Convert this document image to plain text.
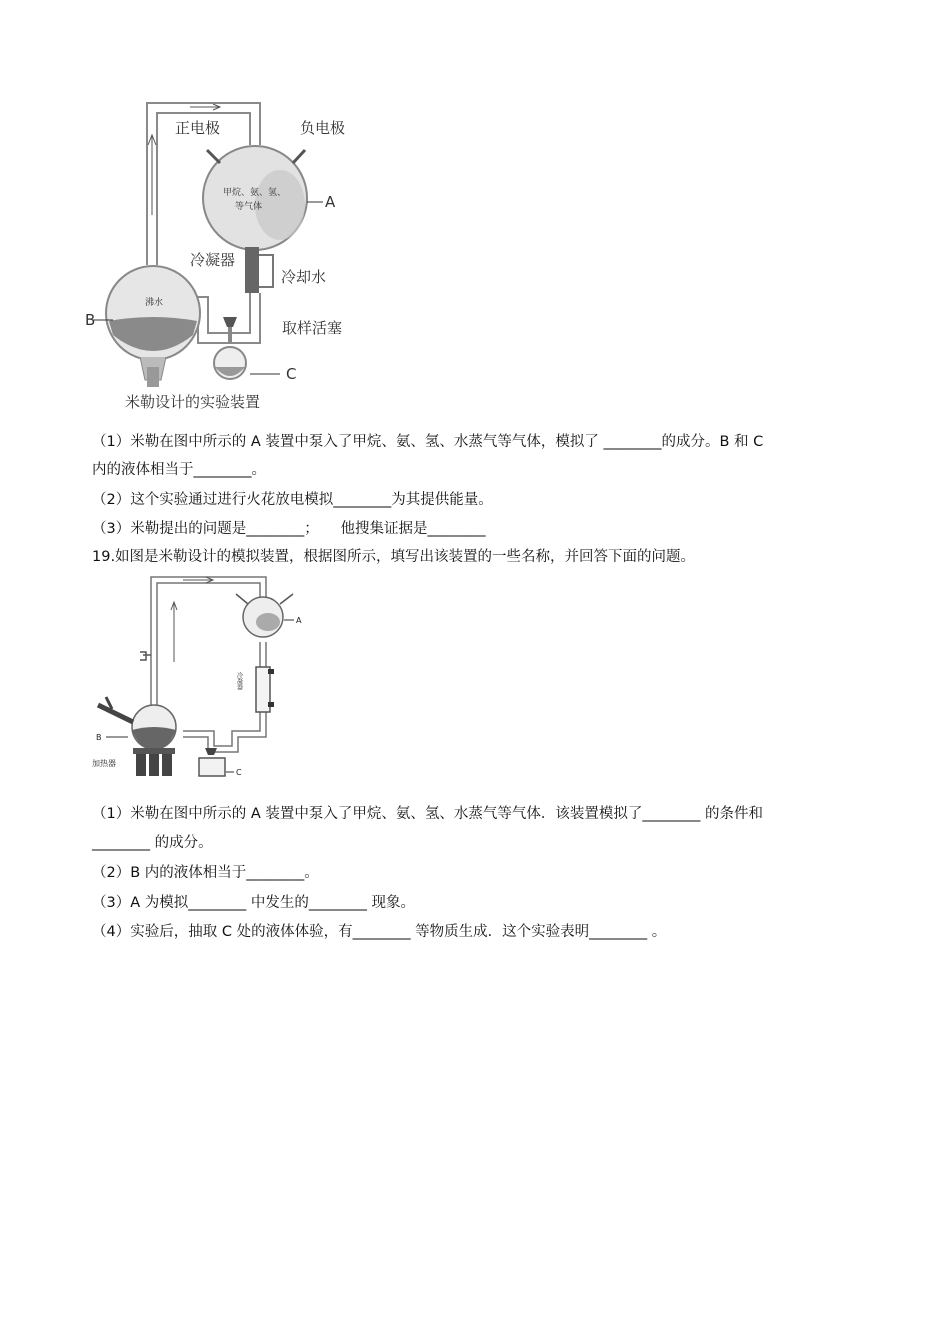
正电极	负电极
甲烷、氨、氢、
等气体	A
冷凝器
冷却水
沸水
B	取样活塞
C
米勒设计的实验装置
（1）米勒在图中所示的 A 装置中泵入了甲烷、氨、氢、水蒸气等气体，模拟了 ________的成分。B 和 C
内的液体相当于________。
（2）这个实验通过进行火花放电模拟________为其提供能量。
（3）米勒提出的问题是________；　　他搜集证据是________
19.如图是米勒设计的模拟装置，根据图所示，填写出该装置的一些名称，并回答下面的问题。
A
冷凝器
B
加热器
C
（1）米勒在图中所示的 A 装置中泵入了甲烷、氨、氢、水蒸气等气体．该装置模拟了________ 的条件和
________ 的成分。
（2）B 内的液体相当于________。
（3）A 为模拟________ 中发生的________ 现象。
（4）实验后，抽取 C 处的液体体验，有________ 等物质生成．这个实验表明________ 。
